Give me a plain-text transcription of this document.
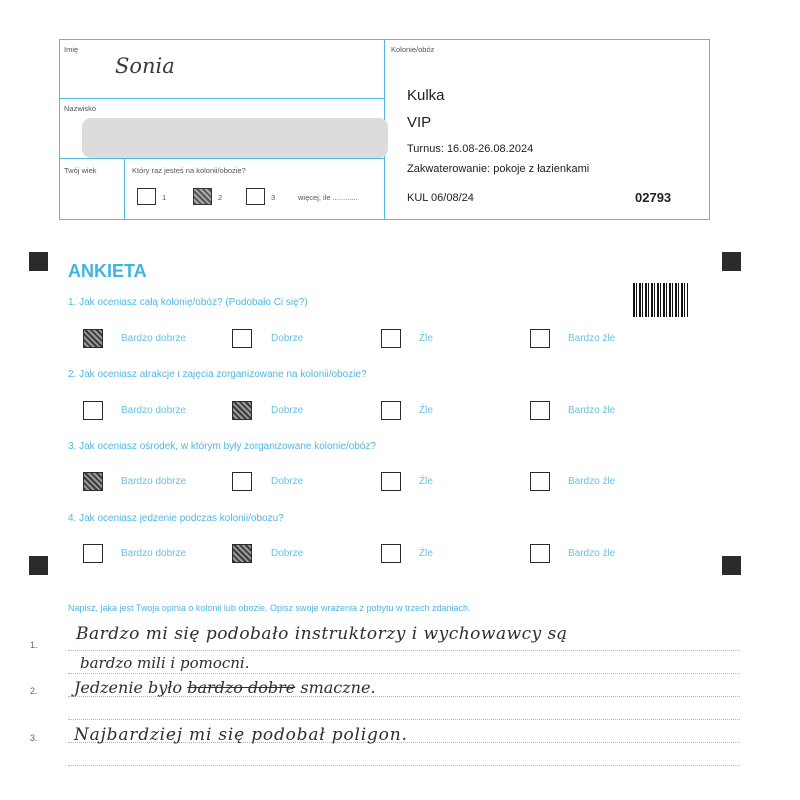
Imię
Sonia
Nazwisko
Twój wiek	Który raz jesteś na kolonii/obozie?
1	2	3	więcej, ile ............
Kolonie/obóz
Kulka
VIP
Turnus: 16.08-26.08.2024
Zakwaterowanie: pokoje z łazienkami
KUL 06/08/24	02793
ANKIETA
1. Jak oceniasz całą kolonię/obóz? (Podobało Ci się?)
Bardzo dobrze	Dobrze	Źle	Bardzo źle
2. Jak oceniasz atrakcje i zajęcia zorganizowane na kolonii/obozie?
Bardzo dobrze	Dobrze	Źle	Bardzo źle
3. Jak oceniasz ośrodek, w którym były zorganizowane kolonie/obóz?
Bardzo dobrze	Dobrze	Źle	Bardzo źle
4. Jak oceniasz jedzenie podczas kolonii/obozu?
Bardzo dobrze	Dobrze	Źle	Bardzo źle
Napisz, jaka jest Twoja opinia o kolonii lub obozie. Opisz swoje wrażenia z pobytu w trzech zdaniach.
1.
2.
3.
Bardzo mi się podobało instruktorzy i wychowawcy są
bardzo mili i pomocni.
Jedzenie było bardzo dobre smaczne.
Najbardziej mi się podobał poligon.
